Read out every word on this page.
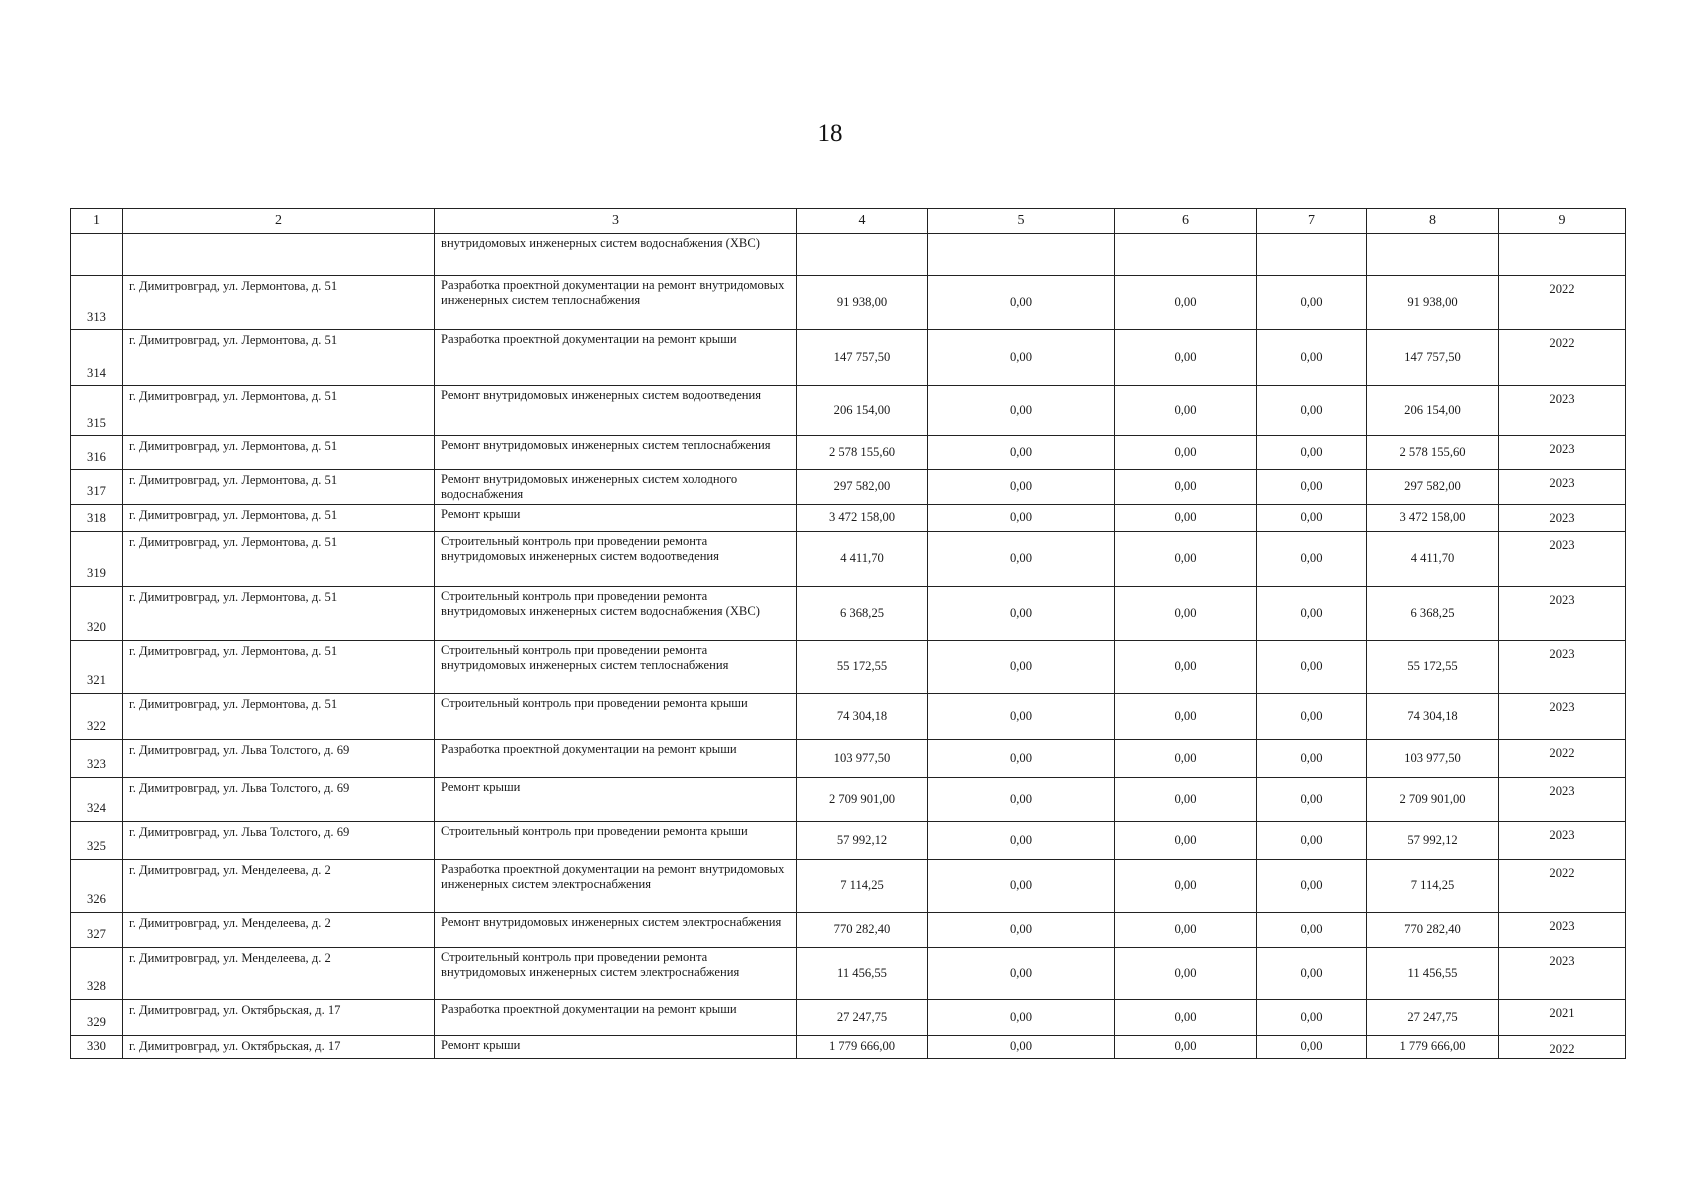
18
1	2	3	4	5	6	7	8	9
		внутридомовых инженерных систем водоснабжения (ХВС)						
313	г. Димитровград, ул. Лермонтова, д. 51	Разработка проектной документации на ремонт внутридомовых инженерных систем теплоснабжения	91 938,00	0,00	0,00	0,00	91 938,00	2022
314	г. Димитровград, ул. Лермонтова, д. 51	Разработка проектной документации на ремонт крыши	147 757,50	0,00	0,00	0,00	147 757,50	2022
315	г. Димитровград, ул. Лермонтова, д. 51	Ремонт внутридомовых инженерных систем водоотведения	206 154,00	0,00	0,00	0,00	206 154,00	2023
316	г. Димитровград, ул. Лермонтова, д. 51	Ремонт внутридомовых инженерных систем теплоснабжения	2 578 155,60	0,00	0,00	0,00	2 578 155,60	2023
317	г. Димитровград, ул. Лермонтова, д. 51	Ремонт внутридомовых инженерных систем холодного водоснабжения	297 582,00	0,00	0,00	0,00	297 582,00	2023
318	г. Димитровград, ул. Лермонтова, д. 51	Ремонт крыши	3 472 158,00	0,00	0,00	0,00	3 472 158,00	2023
319	г. Димитровград, ул. Лермонтова, д. 51	Строительный контроль при проведении ремонта внутридомовых инженерных систем водоотведения	4 411,70	0,00	0,00	0,00	4 411,70	2023
320	г. Димитровград, ул. Лермонтова, д. 51	Строительный контроль при проведении ремонта внутридомовых инженерных систем водоснабжения (ХВС)	6 368,25	0,00	0,00	0,00	6 368,25	2023
321	г. Димитровград, ул. Лермонтова, д. 51	Строительный контроль при проведении ремонта внутридомовых инженерных систем теплоснабжения	55 172,55	0,00	0,00	0,00	55 172,55	2023
322	г. Димитровград, ул. Лермонтова, д. 51	Строительный контроль при проведении ремонта крыши	74 304,18	0,00	0,00	0,00	74 304,18	2023
323	г. Димитровград, ул. Льва Толстого, д. 69	Разработка проектной документации на ремонт крыши	103 977,50	0,00	0,00	0,00	103 977,50	2022
324	г. Димитровград, ул. Льва Толстого, д. 69	Ремонт крыши	2 709 901,00	0,00	0,00	0,00	2 709 901,00	2023
325	г. Димитровград, ул. Льва Толстого, д. 69	Строительный контроль при проведении ремонта крыши	57 992,12	0,00	0,00	0,00	57 992,12	2023
326	г. Димитровград, ул. Менделеева, д. 2	Разработка проектной документации на ремонт внутридомовых инженерных систем электроснабжения	7 114,25	0,00	0,00	0,00	7 114,25	2022
327	г. Димитровград, ул. Менделеева, д. 2	Ремонт внутридомовых инженерных систем электроснабжения	770 282,40	0,00	0,00	0,00	770 282,40	2023
328	г. Димитровград, ул. Менделеева, д. 2	Строительный контроль при проведении ремонта внутридомовых инженерных систем электроснабжения	11 456,55	0,00	0,00	0,00	11 456,55	2023
329	г. Димитровград, ул. Октябрьская, д. 17	Разработка проектной документации на ремонт крыши	27 247,75	0,00	0,00	0,00	27 247,75	2021
330	г. Димитровград, ул. Октябрьская, д. 17	Ремонт крыши	1 779 666,00	0,00	0,00	0,00	1 779 666,00	2022
